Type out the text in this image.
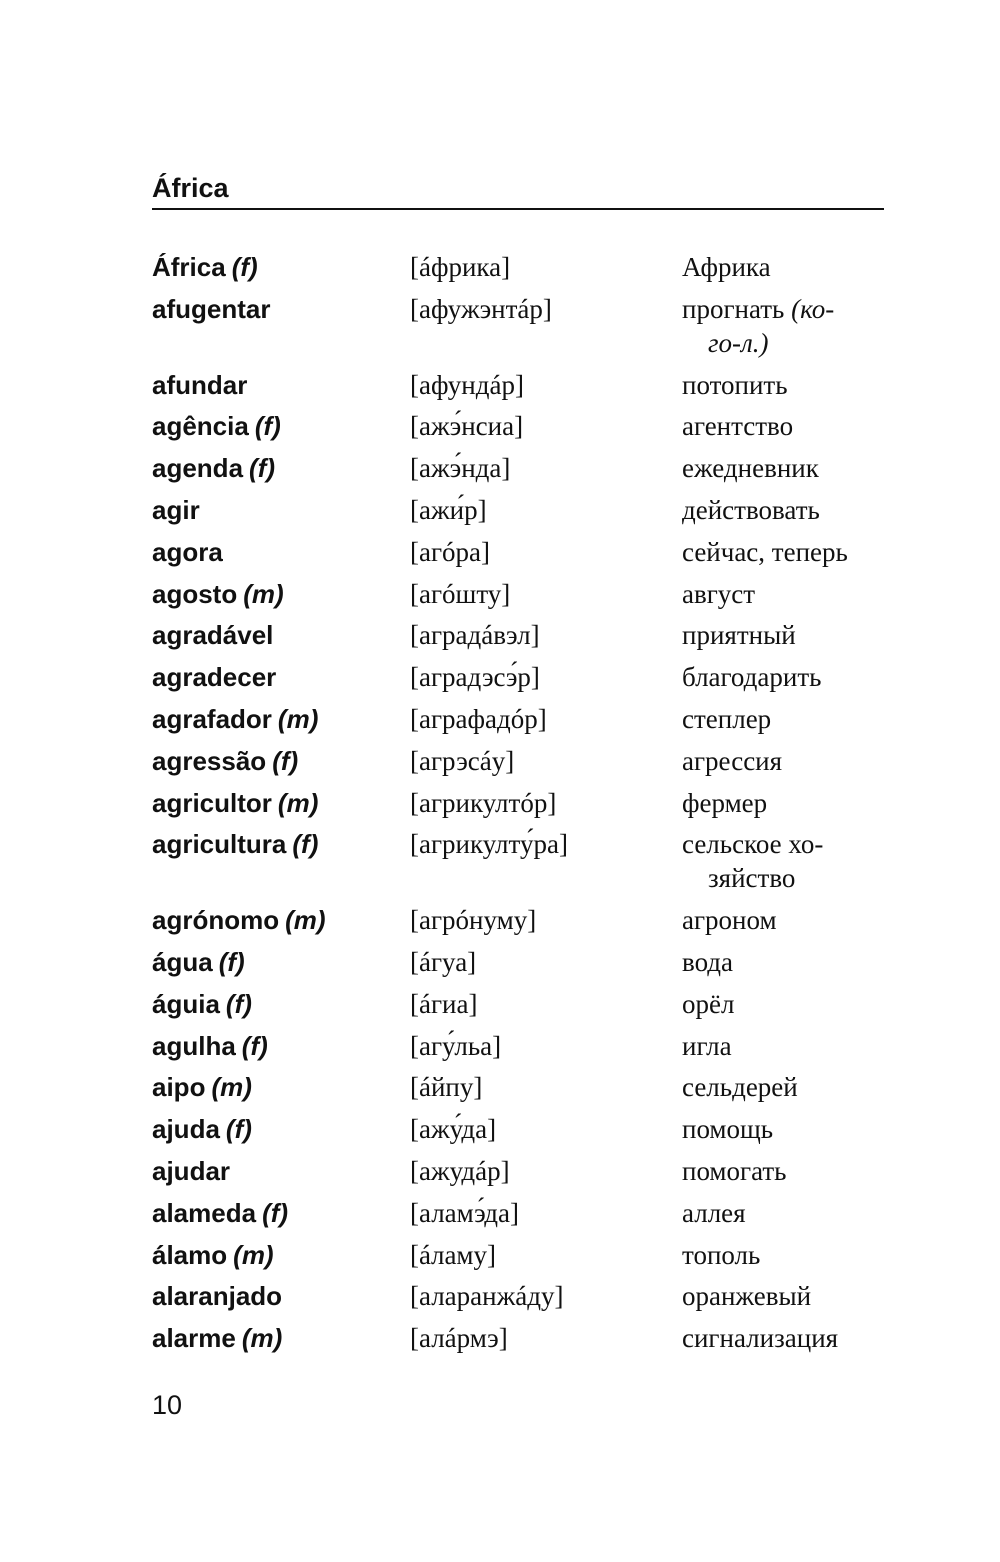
África
África (f)	[áфрика]	Африка
afugentar	[афужэнтáр]	прогнать (ко-
го-л.)
afundar	[афундáр]	потопить
agência (f)	[ажэ́нсиа]	агентство
agenda (f)	[ажэ́нда]	ежедневник
agir	[ажи́р]	действовать
agora	[агóра]	сейчас, теперь
agosto (m)	[агóшту]	август
agradável	[аградáвэл]	приятный
agradecer	[аградэсэ́р]	благодарить
agrafador (m)	[аграфадóр]	степлер
agressão (f)	[агрэсáу]	агрессия
agricultor (m)	[агрикултóр]	фермер
agricultura (f)	[агрикулту́ра]	сельское хо-
зяйство
agrónomo (m)	[агрóнуму]	агроном
água (f)	[áгуа]	вода
águia (f)	[áгиа]	орёл
agulha (f)	[агу́льа]	игла
aipo (m)	[áйпу]	сельдерей
ajuda (f)	[ажу́да]	помощь
ajudar	[ажудáр]	помогать
alameda (f)	[аламэ́да]	аллея
álamo (m)	[áламу]	тополь
alaranjado	[аларанжáду]	оранжевый
alarme (m)	[алáрмэ]	сигнализация
10
